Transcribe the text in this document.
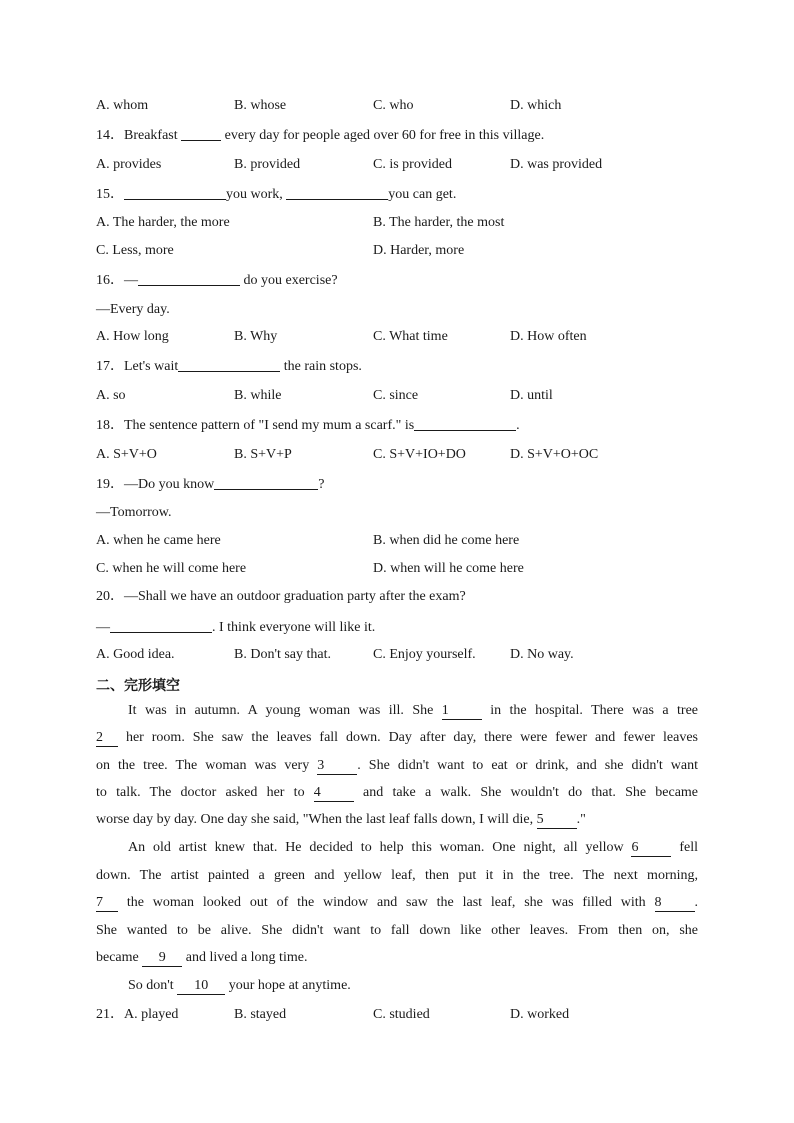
A. whom	B. whose	C. who	D. which
14．Breakfast	every day for people aged over 60 for free in this village.
A. provides	B. provided	C. is provided	D. was provided
15．	you work,	you can get.
A. The harder, the more	B. The harder, the most
C. Less, more	D. Harder, more
16．—	do you exercise?
—Every day.
A. How long	B. Why	C. What time	D. How often
17．Let's wait	the rain stops.
A. so	B. while	C. since	D. until
18．The sentence pattern of "I send my mum a scarf." is	.
A. S+V+O	B. S+V+P	C. S+V+IO+DO	D. S+V+O+OC
19．—Do you know	?
—Tomorrow.
A. when he came here	B. when did he come here
C. when he will come here	D. when will he come here
20．—Shall we have an outdoor graduation party after the exam?
—	. I think everyone will like it.
A. Good idea.	B. Don't say that.	C. Enjoy yourself. D. No way.
二、完形填空
It was in autumn. A young woman was ill. She 1	in the hospital. There was a tree
2 her room. She saw the leaves fall down. Day after day, there were fewer and fewer leaves
on the tree. The woman was very 3 . She didn't want to eat or drink, and she didn't want
to talk. The doctor asked her to 4	and take a walk. She wouldn't do that. She became
worse day by day. One day she said, "When the last leaf falls down, I will die, 5 ."
An old artist knew that. He decided to help this woman. One night, all yellow 6	fell
down. The artist painted a green and yellow leaf, then put it in the tree. The next morning,
7 the woman looked out of the window and saw the last leaf, she was filled with 8 .
She wanted to be alive. She didn't want to fall down like other leaves. From then on, she
became 9 and lived a long time.
So don't 10 your hope at anytime.
21．A. played	B. stayed	C. studied	D. worked
